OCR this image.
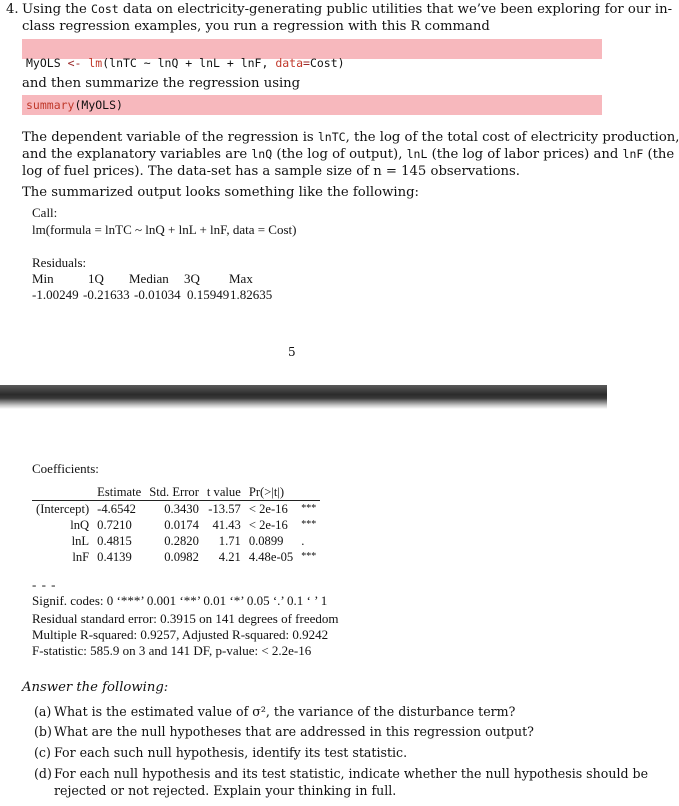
4. Using the Cost data on electricity-generating public utilities that we’ve been exploring for our in-
class regression examples, you run a regression with this R command

MyOLS <- lm(lnTC ~ lnQ + lnL + lnF, data=Cost)
and then summarize the regression using
summary(MyOLS)
The dependent variable of the regression is lnTC, the log of the total cost of electricity production,
and the explanatory variables are lnQ (the log of output), lnL (the log of labor prices) and lnF (the
log of fuel prices). The data-set has a sample size of n = 145 observations.
The summarized output looks something like the following:
Call:
lm(formula = lnTC ~ lnQ + lnL + lnF, data = Cost)
Residuals:
Min	1Q Median 3Q Max
-1.00249 -0.21633 -0.01034 0.15949 1.82635
5
Coefficients:
	Estimate	Std. Error	t value	Pr(>|t|)	
(Intercept)	-4.6542	0.3430	-13.57	< 2e-16	***
lnQ	0.7210	0.0174	41.43	< 2e-16	***
lnL	0.4815	0.2820	1.71	0.0899	.
lnF	0.4139	0.0982	4.21	4.48e-05	***
- - -
Signif. codes: 0 ‘***’ 0.001 ‘**’ 0.01 ‘*’ 0.05 ‘.’ 0.1 ‘ ’ 1
Residual standard error: 0.3915 on 141 degrees of freedom
Multiple R-squared: 0.9257, Adjusted R-squared: 0.9242
F-statistic: 585.9 on 3 and 141 DF, p-value: < 2.2e-16
Answer the following:
(a) What is the estimated value of σ², the variance of the disturbance term?
(b) What are the null hypotheses that are addressed in this regression output?
(c) For each such null hypothesis, identify its test statistic.
(d) For each null hypothesis and its test statistic, indicate whether the null hypothesis should be
rejected or not rejected. Explain your thinking in full.
